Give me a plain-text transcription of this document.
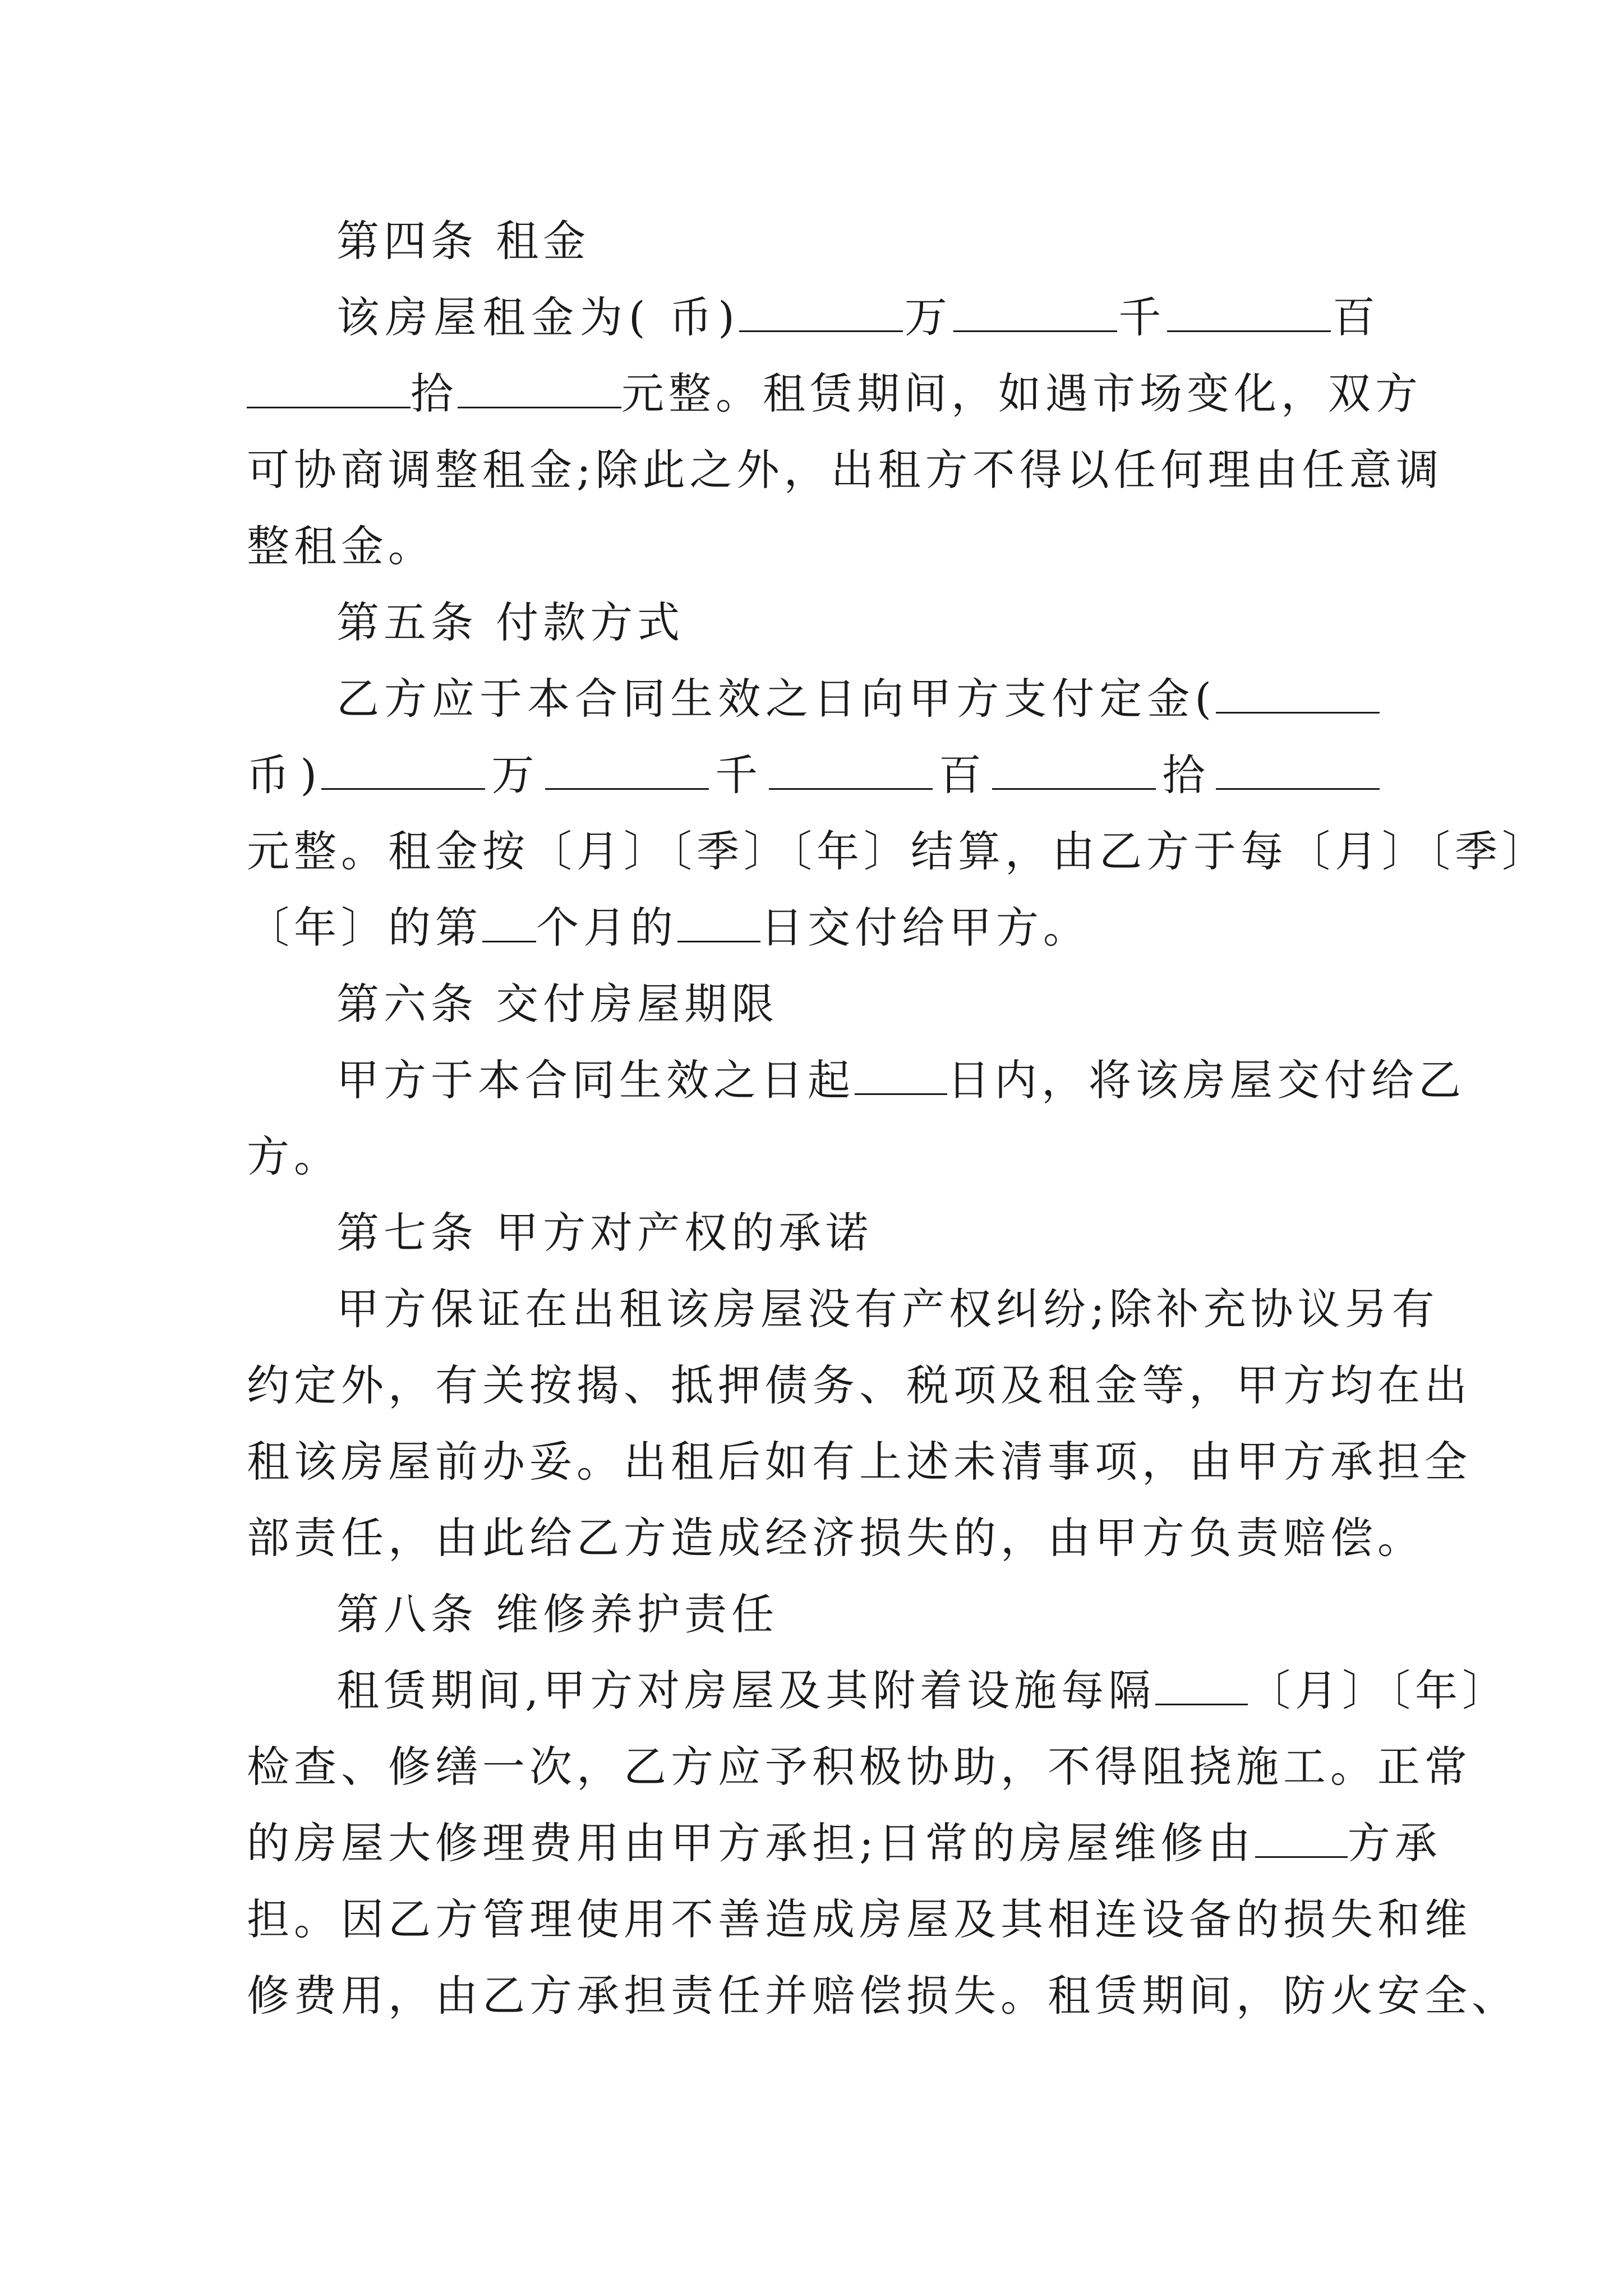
第四条 租金
该房屋租金为( 币)	万	千	百
拾	元整。租赁期间，如遇市场变化，双方
可协商调整租金;除此之外，出租方不得以任何理由任意调
整租金。
第五条 付款方式
乙方应于本合同生效之日向甲方支付定金(
币)	万	千	百	拾
元整。租金按〔月〕〔季〕〔年〕结算，由乙方于每〔月〕〔季〕
〔年〕的第 个月的 日交付给甲方。
第六条 交付房屋期限
甲方于本合同生效之日起 日内，将该房屋交付给乙
方。
第七条 甲方对产权的承诺
甲方保证在出租该房屋没有产权纠纷;除补充协议另有
约定外，有关按揭、抵押债务、税项及租金等，甲方均在出
租该房屋前办妥。出租后如有上述未清事项，由甲方承担全
部责任，由此给乙方造成经济损失的，由甲方负责赔偿。
第八条 维修养护责任
租赁期间,甲方对房屋及其附着设施每隔 〔月〕〔年〕
检查、修缮一次，乙方应予积极协助，不得阻挠施工。正常
的房屋大修理费用由甲方承担;日常的房屋维修由 方承
担。因乙方管理使用不善造成房屋及其相连设备的损失和维
修费用，由乙方承担责任并赔偿损失。租赁期间，防火安全、
